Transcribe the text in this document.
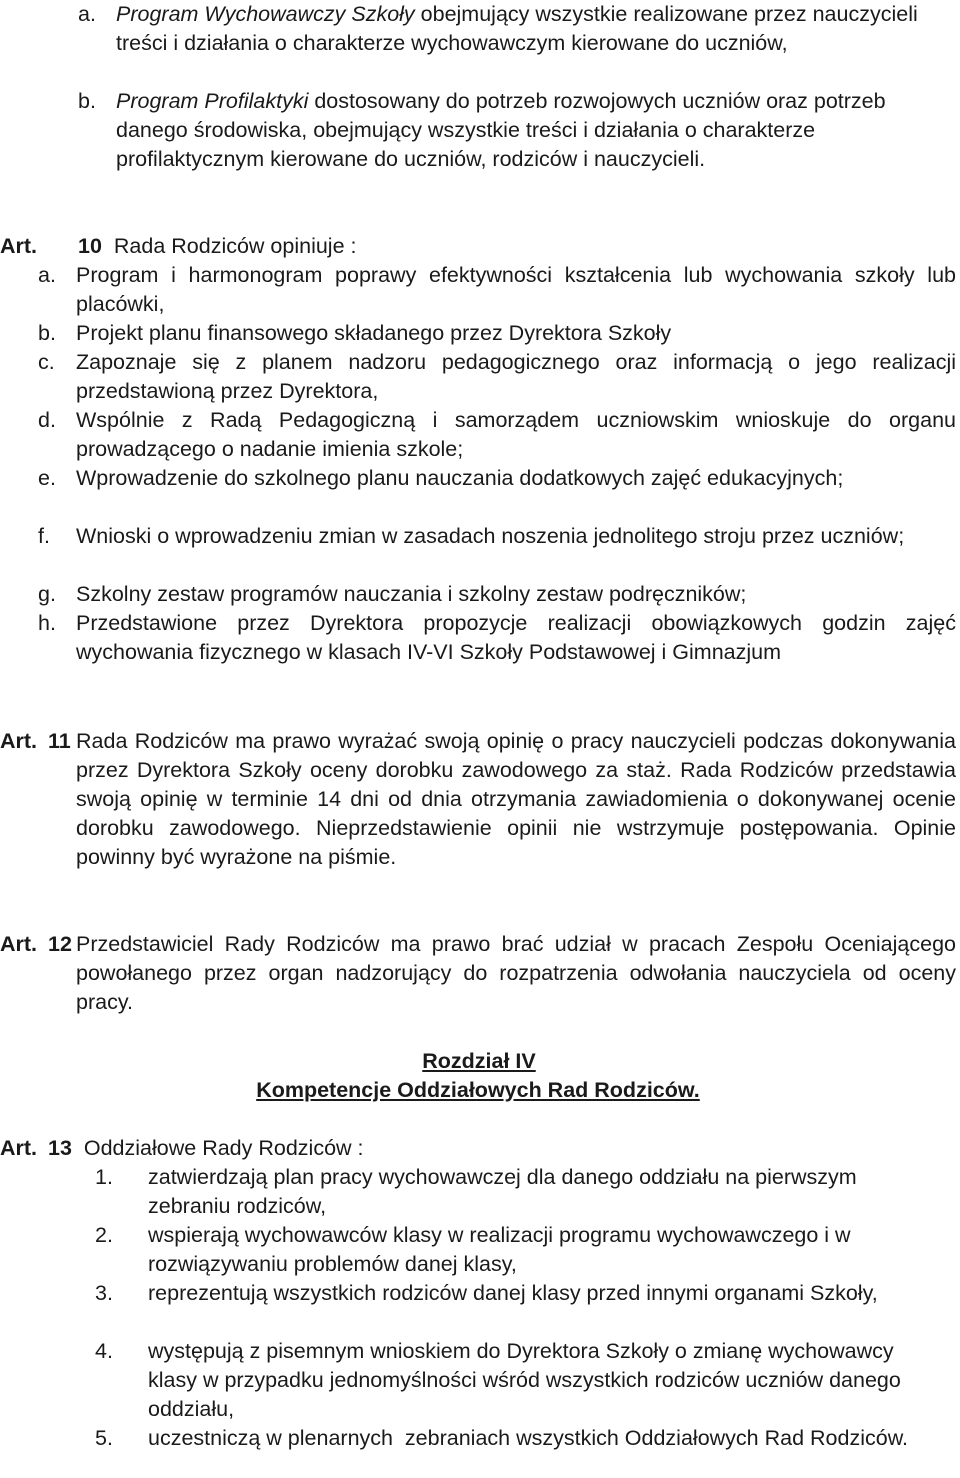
a. Program Wychowawczy Szkoły obejmujący wszystkie realizowane przez nauczycieli treści i działania o charakterze wychowawczym kierowane do uczniów,
b. Program Profilaktyki dostosowany do potrzeb rozwojowych uczniów oraz potrzeb danego środowiska, obejmujący wszystkie treści i działania o charakterze profilaktycznym kierowane do uczniów, rodziców i nauczycieli.
Art.	10 Rada Rodziców opiniuje :
a. Program i harmonogram poprawy efektywności kształcenia lub wychowania szkoły lub placówki,
b. Projekt planu finansowego składanego przez Dyrektora Szkoły
c. Zapoznaje się z planem nadzoru pedagogicznego oraz informacją o jego realizacji przedstawioną przez Dyrektora,
d. Wspólnie z Radą Pedagogiczną i samorządem uczniowskim wnioskuje do organu prowadzącego o nadanie imienia szkole;
e. Wprowadzenie do szkolnego planu nauczania dodatkowych zajęć edukacyjnych;
f.	Wnioski o wprowadzeniu zmian w zasadach noszenia jednolitego stroju przez uczniów;
g. Szkolny zestaw programów nauczania i szkolny zestaw podręczników;
h. Przedstawione przez Dyrektora propozycje realizacji obowiązkowych godzin zajęć wychowania fizycznego w klasach IV-VI Szkoły Podstawowej i Gimnazjum
Art. 11 Rada Rodziców ma prawo wyrażać swoją opinię o pracy nauczycieli podczas dokonywania przez Dyrektora Szkoły oceny dorobku zawodowego za staż. Rada Rodziców przedstawia swoją opinię w terminie 14 dni od dnia otrzymania zawiadomienia o dokonywanej ocenie dorobku zawodowego. Nieprzedstawienie opinii nie wstrzymuje postępowania. Opinie powinny być wyrażone na piśmie.
Art. 12 Przedstawiciel Rady Rodziców ma prawo brać udział w pracach Zespołu Oceniającego powołanego przez organ nadzorujący do rozpatrzenia odwołania nauczyciela od oceny pracy.
Rozdział IV
Kompetencje Oddziałowych Rad Rodziców.
Art. 13 Oddziałowe Rady Rodziców :
1.	zatwierdzają plan pracy wychowawczej dla danego oddziału na pierwszym zebraniu rodziców,
2.	wspierają wychowawców klasy w realizacji programu wychowawczego i w rozwiązywaniu problemów danej klasy,
3.	reprezentują wszystkich rodziców danej klasy przed innymi organami Szkoły,
4.	występują z pisemnym wnioskiem do Dyrektora Szkoły o zmianę wychowawcy klasy w przypadku jednomyślności wśród wszystkich rodziców uczniów danego oddziału,
5.	uczestniczą w plenarnych  zebraniach wszystkich Oddziałowych Rad Rodziców.
